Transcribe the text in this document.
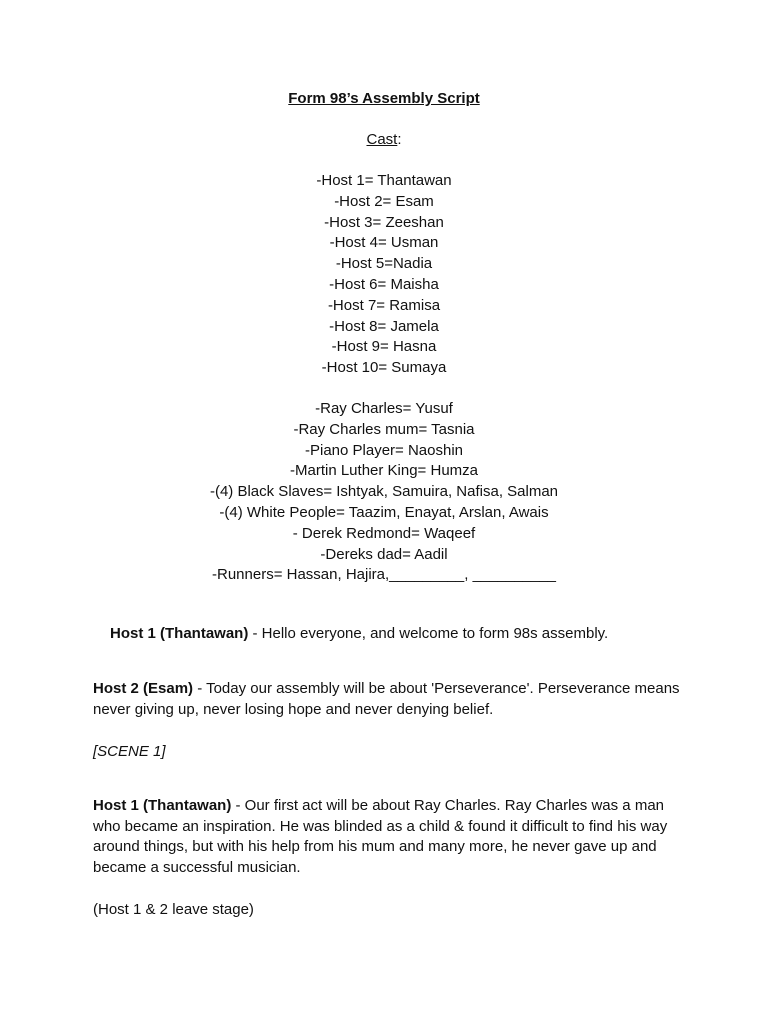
Form 98’s Assembly Script

Cast:

-Host 1= Thantawan
-Host 2= Esam
-Host 3= Zeeshan
-Host 4= Usman
-Host 5=Nadia
-Host 6= Maisha
-Host 7= Ramisa
-Host 8= Jamela
-Host 9= Hasna
-Host 10= Sumaya
-Ray Charles= Yusuf
-Ray Charles mum= Tasnia
-Piano Player= Naoshin
-Martin Luther King= Humza
-(4) Black Slaves= Ishtyak, Samuira, Nafisa, Salman
-(4) White People= Taazim, Enayat, Arslan, Awais
- Derek Redmond= Waqeef
-Dereks dad= Aadil
-Runners= Hassan, Hajira,_________, __________

Host 1 (Thantawan) - Hello everyone, and welcome to form 98s assembly.

Host 2 (Esam) - Today our assembly will be about 'Perseverance'. Perseverance means never giving up, never losing hope and never denying belief.

[SCENE 1]

Host 1 (Thantawan) - Our first act will be about Ray Charles. Ray Charles was a man who became an inspiration. He was blinded as a child & found it difficult to find his way around things, but with his help from his mum and many more, he never gave up and became a successful musician.

(Host 1 & 2 leave stage)
